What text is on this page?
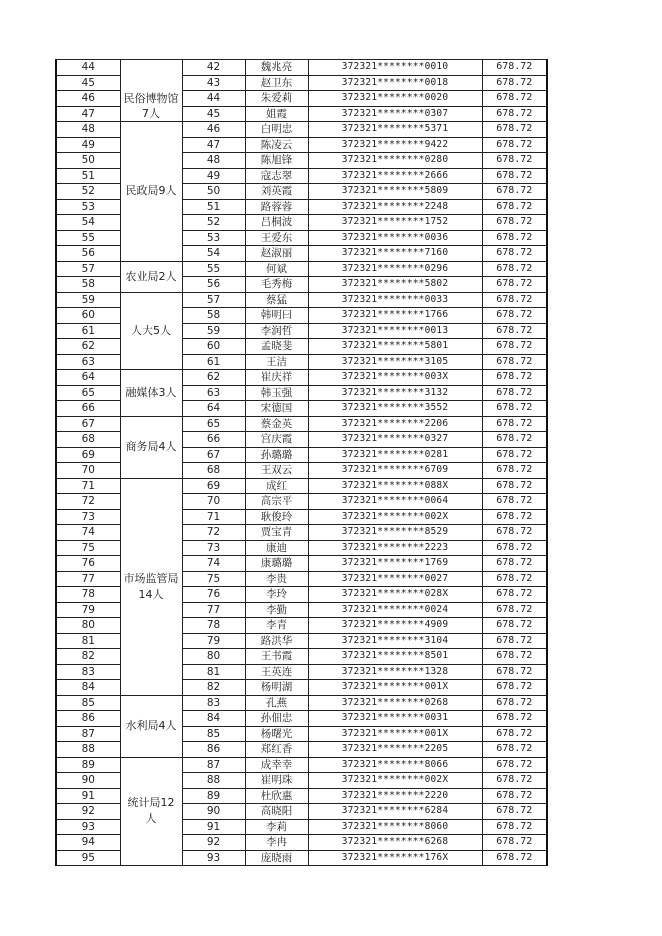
44	民俗博物馆7人	42	魏兆亮	372321********0010	678.72
45		43	赵卫东	372321********0018	678.72
46		44	朱爱莉	372321********0020	678.72
47		45	姐霞	372321********0307	678.72
48	民政局9人	46	白明忠	372321********5371	678.72
49		47	陈凌云	372321********9422	678.72
50		48	陈旭锋	372321********0280	678.72
51		49	寇志翠	372321********2666	678.72
52		50	刘英霞	372321********5809	678.72
53		51	路蓉蓉	372321********2248	678.72
54		52	吕桐波	372321********1752	678.72
55		53	王爱东	372321********0036	678.72
56		54	赵淑丽	372321********7160	678.72
57	农业局2人	55	何斌	372321********0296	678.72
58		56	毛秀梅	372321********5802	678.72
59	人大5人	57	蔡猛	372321********0033	678.72
60		58	韩明曰	372321********1766	678.72
61		59	李润哲	372321********0013	678.72
62		60	孟晓斐	372321********5801	678.72
63		61	王洁	372321********3105	678.72
64	融媒体3人	62	崔庆祥	372321********003X	678.72
65		63	韩玉强	372321********3132	678.72
66		64	宋德国	372321********3552	678.72
67	商务局4人	65	蔡金英	372321********2206	678.72
68		66	宫庆霞	372321********0327	678.72
69		67	孙璐璐	372321********0281	678.72
70		68	王双云	372321********6709	678.72
71	市场监管局14人	69	成红	372321********088X	678.72
72		70	高宗平	372321********0064	678.72
73		71	耿俊玲	372321********002X	678.72
74		72	贾宝青	372321********8529	678.72
75		73	康迪	372321********2223	678.72
76		74	康璐璐	372321********1769	678.72
77		75	李贵	372321********0027	678.72
78		76	李玲	372321********028X	678.72
79		77	李勤	372321********0024	678.72
80		78	李青	372321********4909	678.72
81		79	路洪华	372321********3104	678.72
82		80	王书霞	372321********8501	678.72
83		81	王英连	372321********1328	678.72
84		82	杨明湖	372321********001X	678.72
85	水利局4人	83	孔燕	372321********0268	678.72
86		84	孙佃忠	372321********0031	678.72
87		85	杨曙光	372321********001X	678.72
88		86	郑红香	372321********2205	678.72
89	统计局12人	87	成幸幸	372321********8066	678.72
90		88	崔明珠	372321********002X	678.72
91		89	杜欣惠	372321********2220	678.72
92		90	高晓阳	372321********6284	678.72
93		91	李莉	372321********8060	678.72
94		92	李冉	372321********6268	678.72
95		93	庞晓雨	372321********176X	678.72
